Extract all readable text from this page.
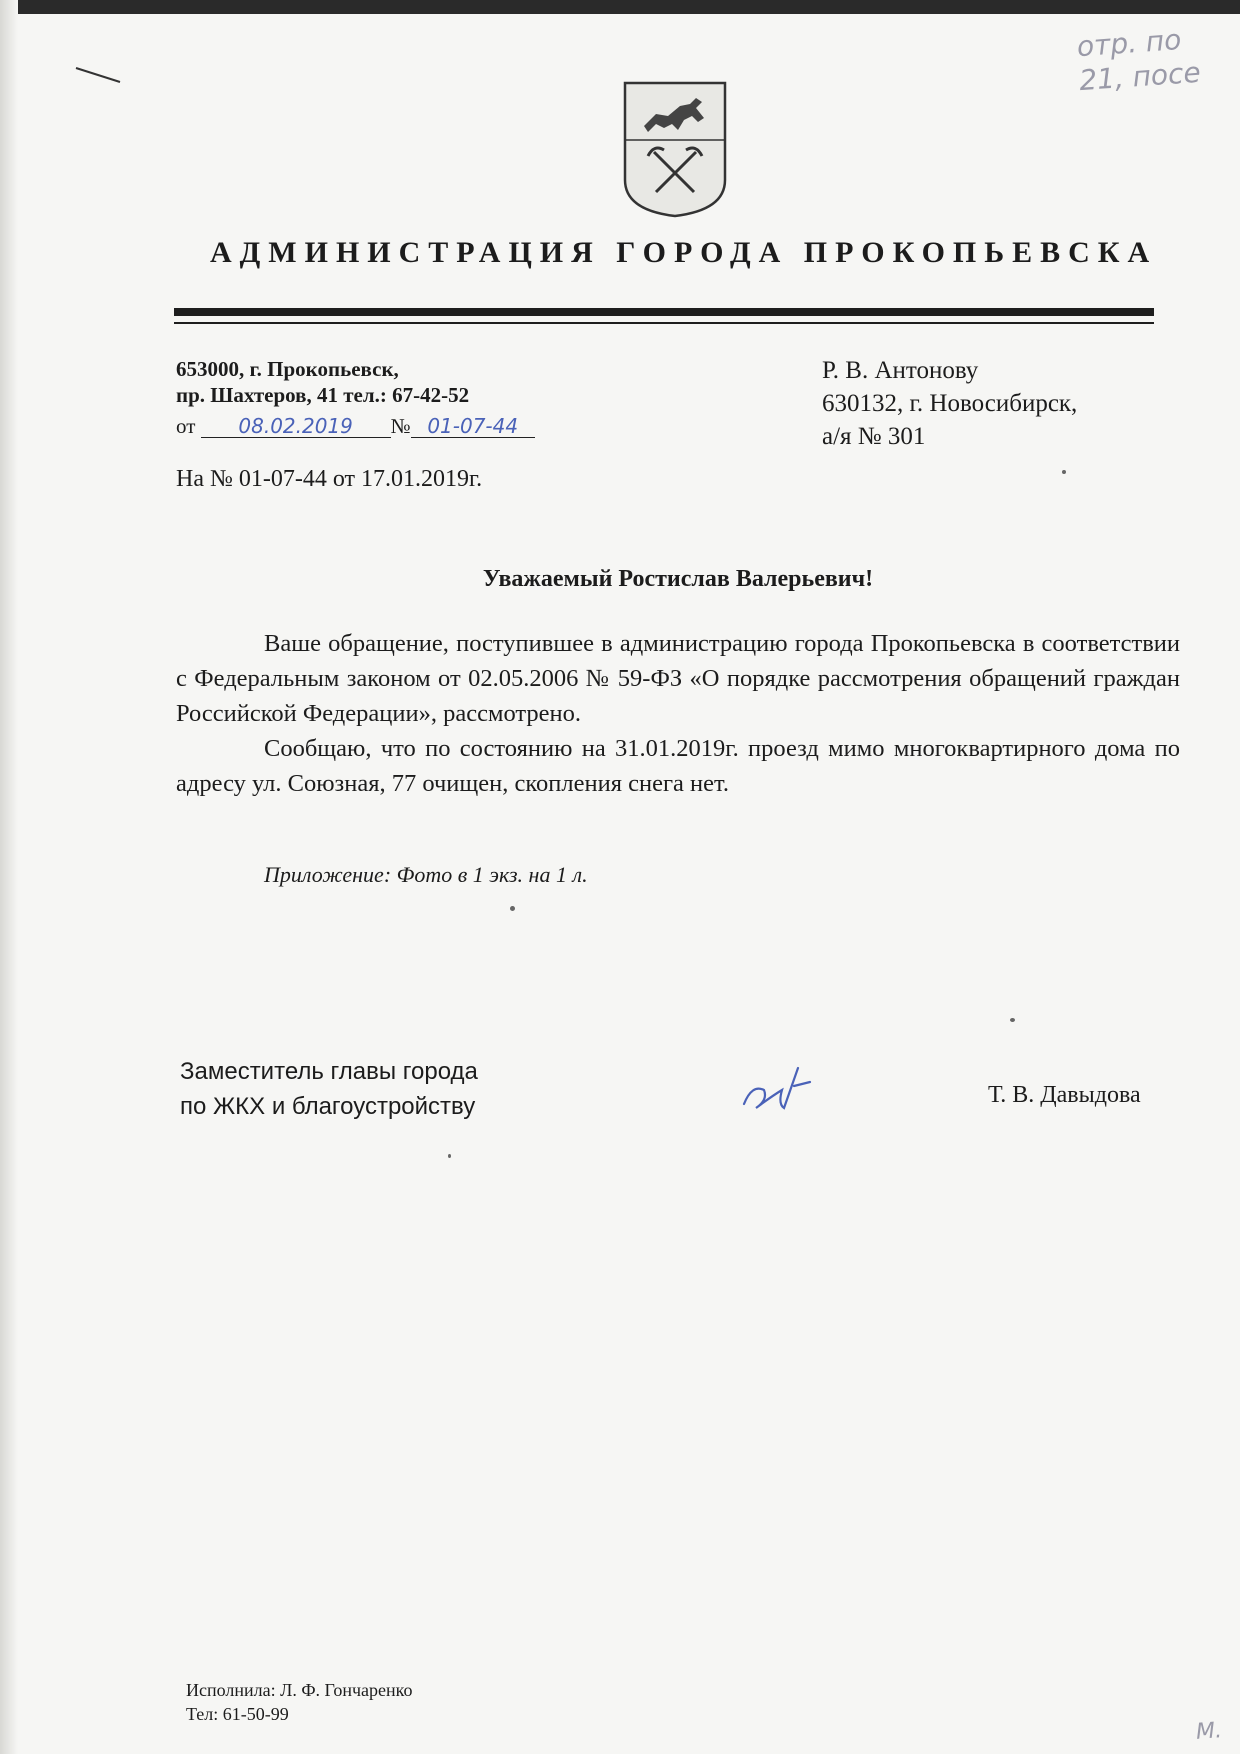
отр. по
21, посе
АДМИНИСТРАЦИЯ ГОРОДА ПРОКОПЬЕВСКА
653000, г. Прокопьевск,
пр. Шахтеров, 41 тел.: 67-42-52
от 08.02.2019 № 01-07-44
На № 01-07-44 от 17.01.2019г.
Р. В. Антонову
630132, г. Новосибирск,
а/я № 301
Уважаемый Ростислав Валерьевич!

Ваше обращение, поступившее в администрацию города Прокопьевска в соответствии с Федеральным законом от 02.05.2006 № 59-ФЗ «О порядке рассмотрения обращений граждан Российской Федерации», рассмотрено.

Сообщаю, что по состоянию на 31.01.2019г. проезд мимо многоквартирного дома по адресу ул. Союзная, 77 очищен, скопления снега нет.

Приложение: Фото в 1 экз. на 1 л.
Заместитель главы города
по ЖКХ и благоустройству	Т. В. Давыдова
Исполнила: Л. Ф. Гончаренко
Тел: 61-50-99
М.
